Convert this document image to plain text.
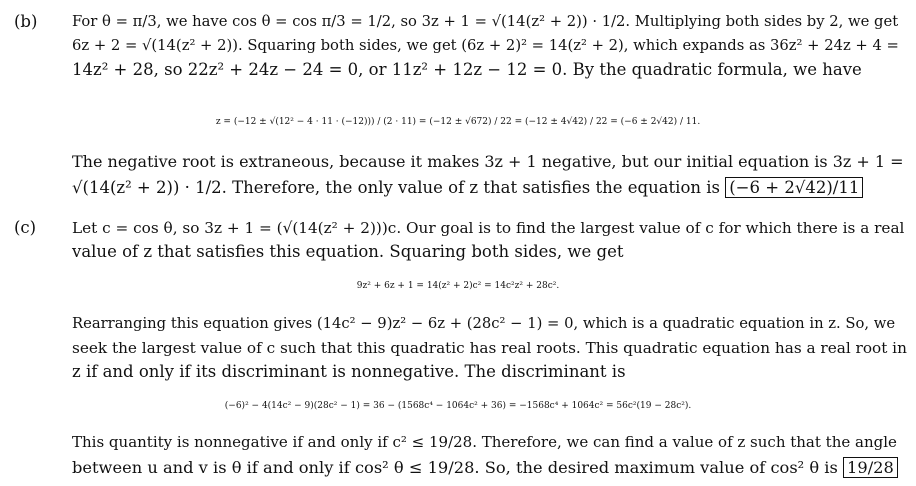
(b) For θ = π/3, we have cos θ = cos π/3 = 1/2, so 3z + 1 = √(14(z² + 2)) · 1/2. Multiplying both sides by 2, we get
6z + 2 = √(14(z² + 2)). Squaring both sides, we get (6z + 2)² = 14(z² + 2), which expands as 36z² + 24z + 4 =
14z² + 28, so 22z² + 24z − 24 = 0, or 11z² + 12z − 12 = 0. By the quadratic formula, we have
z = (−12 ± √(12² − 4 · 11 · (−12))) / (2 · 11) = (−12 ± √672) / 22 = (−12 ± 4√42) / 22 = (−6 ± 2√42) / 11.
The negative root is extraneous, because it makes 3z + 1 negative, but our initial equation is 3z + 1 =
√(14(z² + 2)) · 1/2. Therefore, the only value of z that satisfies the equation is (−6 + 2√42)/11
(c) Let c = cos θ, so 3z + 1 = (√(14(z² + 2)))c. Our goal is to find the largest value of c for which there is a real
value of z that satisfies this equation. Squaring both sides, we get
9z² + 6z + 1 = 14(z² + 2)c² = 14c²z² + 28c².
Rearranging this equation gives (14c² − 9)z² − 6z + (28c² − 1) = 0, which is a quadratic equation in z. So, we
seek the largest value of c such that this quadratic has real roots. This quadratic equation has a real root in
z if and only if its discriminant is nonnegative. The discriminant is
(−6)² − 4(14c² − 9)(28c² − 1) = 36 − (1568c⁴ − 1064c² + 36) = −1568c⁴ + 1064c² = 56c²(19 − 28c²).
This quantity is nonnegative if and only if c² ≤ 19/28. Therefore, we can find a value of z such that the angle
between u and v is θ if and only if cos² θ ≤ 19/28. So, the desired maximum value of cos² θ is 19/28
